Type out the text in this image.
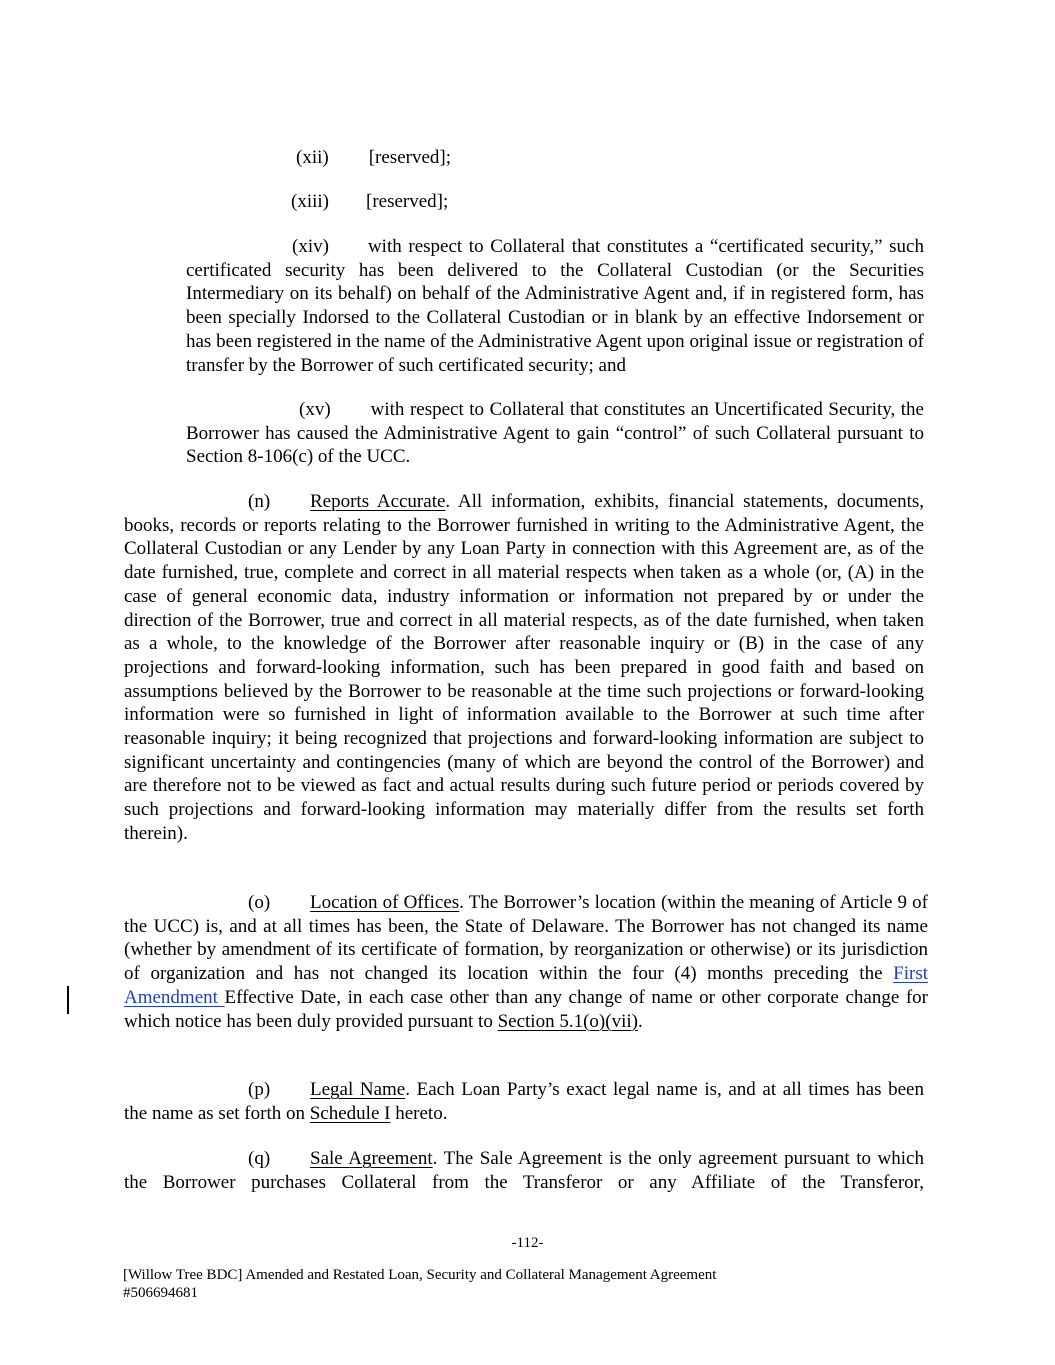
(xii) [reserved];
(xiii) [reserved];
(xiv) with respect to Collateral that constitutes a “certificated security,” such certificated security has been delivered to the Collateral Custodian (or the Securities Intermediary on its behalf) on behalf of the Administrative Agent and, if in registered form, has been specially Indorsed to the Collateral Custodian or in blank by an effective Indorsement or has been registered in the name of the Administrative Agent upon original issue or registration of transfer by the Borrower of such certificated security; and
(xv) with respect to Collateral that constitutes an Uncertificated Security, the Borrower has caused the Administrative Agent to gain “control” of such Collateral pursuant to Section 8-106(c) of the UCC.
(n) Reports Accurate. All information, exhibits, financial statements, documents, books, records or reports relating to the Borrower furnished in writing to the Administrative Agent, the Collateral Custodian or any Lender by any Loan Party in connection with this Agreement are, as of the date furnished, true, complete and correct in all material respects when taken as a whole (or, (A) in the case of general economic data, industry information or information not prepared by or under the direction of the Borrower, true and correct in all material respects, as of the date furnished, when taken as a whole, to the knowledge of the Borrower after reasonable inquiry or (B) in the case of any projections and forward-looking information, such has been prepared in good faith and based on assumptions believed by the Borrower to be reasonable at the time such projections or forward-looking information were so furnished in light of information available to the Borrower at such time after reasonable inquiry; it being recognized that projections and forward-looking information are subject to significant uncertainty and contingencies (many of which are beyond the control of the Borrower) and are therefore not to be viewed as fact and actual results during such future period or periods covered by such projections and forward-looking information may materially differ from the results set forth therein).
(o) Location of Offices. The Borrower’s location (within the meaning of Article 9 of the UCC) is, and at all times has been, the State of Delaware. The Borrower has not changed its name (whether by amendment of its certificate of formation, by reorganization or otherwise) or its jurisdiction of organization and has not changed its location within the four (4) months preceding the First Amendment Effective Date, in each case other than any change of name or other corporate change for which notice has been duly provided pursuant to Section 5.1(o)(vii).
(p) Legal Name. Each Loan Party’s exact legal name is, and at all times has been the name as set forth on Schedule I hereto.
(q) Sale Agreement. The Sale Agreement is the only agreement pursuant to which the Borrower purchases Collateral from the Transferor or any Affiliate of the Transferor,
-112-
[Willow Tree BDC] Amended and Restated Loan, Security and Collateral Management Agreement
#506694681
